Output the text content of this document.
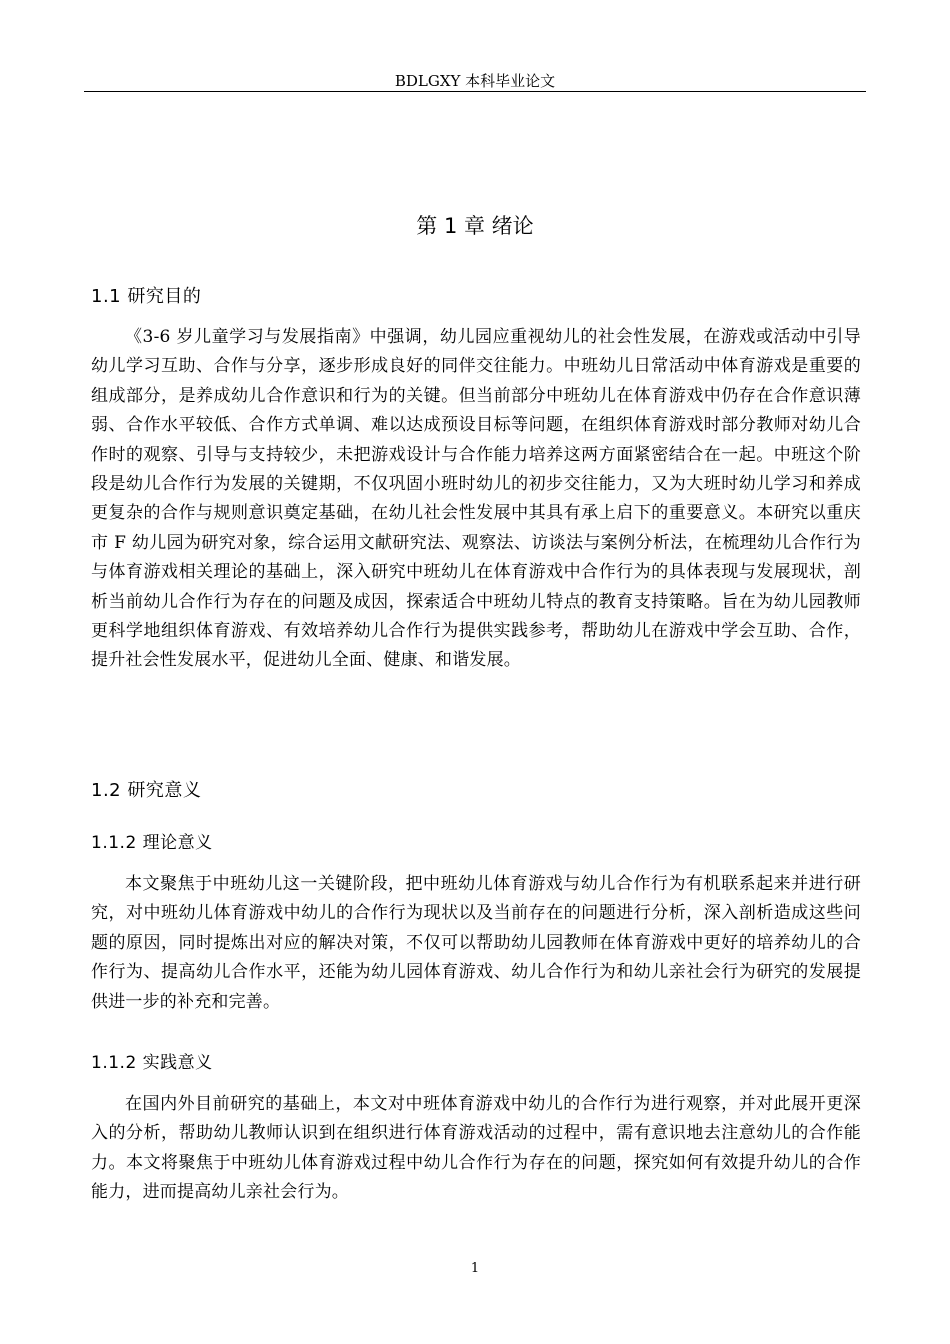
BDLGXY 本科毕业论文
第 1 章 绪论
1.1 研究目的

《3-6 岁儿童学习与发展指南》中强调，幼儿园应重视幼儿的社会性发展，在游戏或活动中引导幼儿学习互助、合作与分享，逐步形成良好的同伴交往能力。中班幼儿日常活动中体育游戏是重要的组成部分，是养成幼儿合作意识和行为的关键。但当前部分中班幼儿在体育游戏中仍存在合作意识薄弱、合作水平较低、合作方式单调、难以达成预设目标等问题，在组织体育游戏时部分教师对幼儿合作时的观察、引导与支持较少，未把游戏设计与合作能力培养这两方面紧密结合在一起。中班这个阶段是幼儿合作行为发展的关键期，不仅巩固小班时幼儿的初步交往能力，又为大班时幼儿学习和养成更复杂的合作与规则意识奠定基础，在幼儿社会性发展中其具有承上启下的重要意义。本研究以重庆市 F 幼儿园为研究对象，综合运用文献研究法、观察法、访谈法与案例分析法，在梳理幼儿合作行为与体育游戏相关理论的基础上，深入研究中班幼儿在体育游戏中合作行为的具体表现与发展现状，剖析当前幼儿合作行为存在的问题及成因，探索适合中班幼儿特点的教育支持策略。旨在为幼儿园教师更科学地组织体育游戏、有效培养幼儿合作行为提供实践参考，帮助幼儿在游戏中学会互助、合作，提升社会性发展水平，促进幼儿全面、健康、和谐发展。

1.2 研究意义
1.1.2 理论意义

本文聚焦于中班幼儿这一关键阶段，把中班幼儿体育游戏与幼儿合作行为有机联系起来并进行研究，对中班幼儿体育游戏中幼儿的合作行为现状以及当前存在的问题进行分析，深入剖析造成这些问题的原因，同时提炼出对应的解决对策，不仅可以帮助幼儿园教师在体育游戏中更好的培养幼儿的合作行为、提高幼儿合作水平，还能为幼儿园体育游戏、幼儿合作行为和幼儿亲社会行为研究的发展提供进一步的补充和完善。

1.1.2 实践意义

在国内外目前研究的基础上，本文对中班体育游戏中幼儿的合作行为进行观察，并对此展开更深入的分析，帮助幼儿教师认识到在组织进行体育游戏活动的过程中，需有意识地去注意幼儿的合作能力。本文将聚焦于中班幼儿体育游戏过程中幼儿合作行为存在的问题，探究如何有效提升幼儿的合作能力，进而提高幼儿亲社会行为。

1
